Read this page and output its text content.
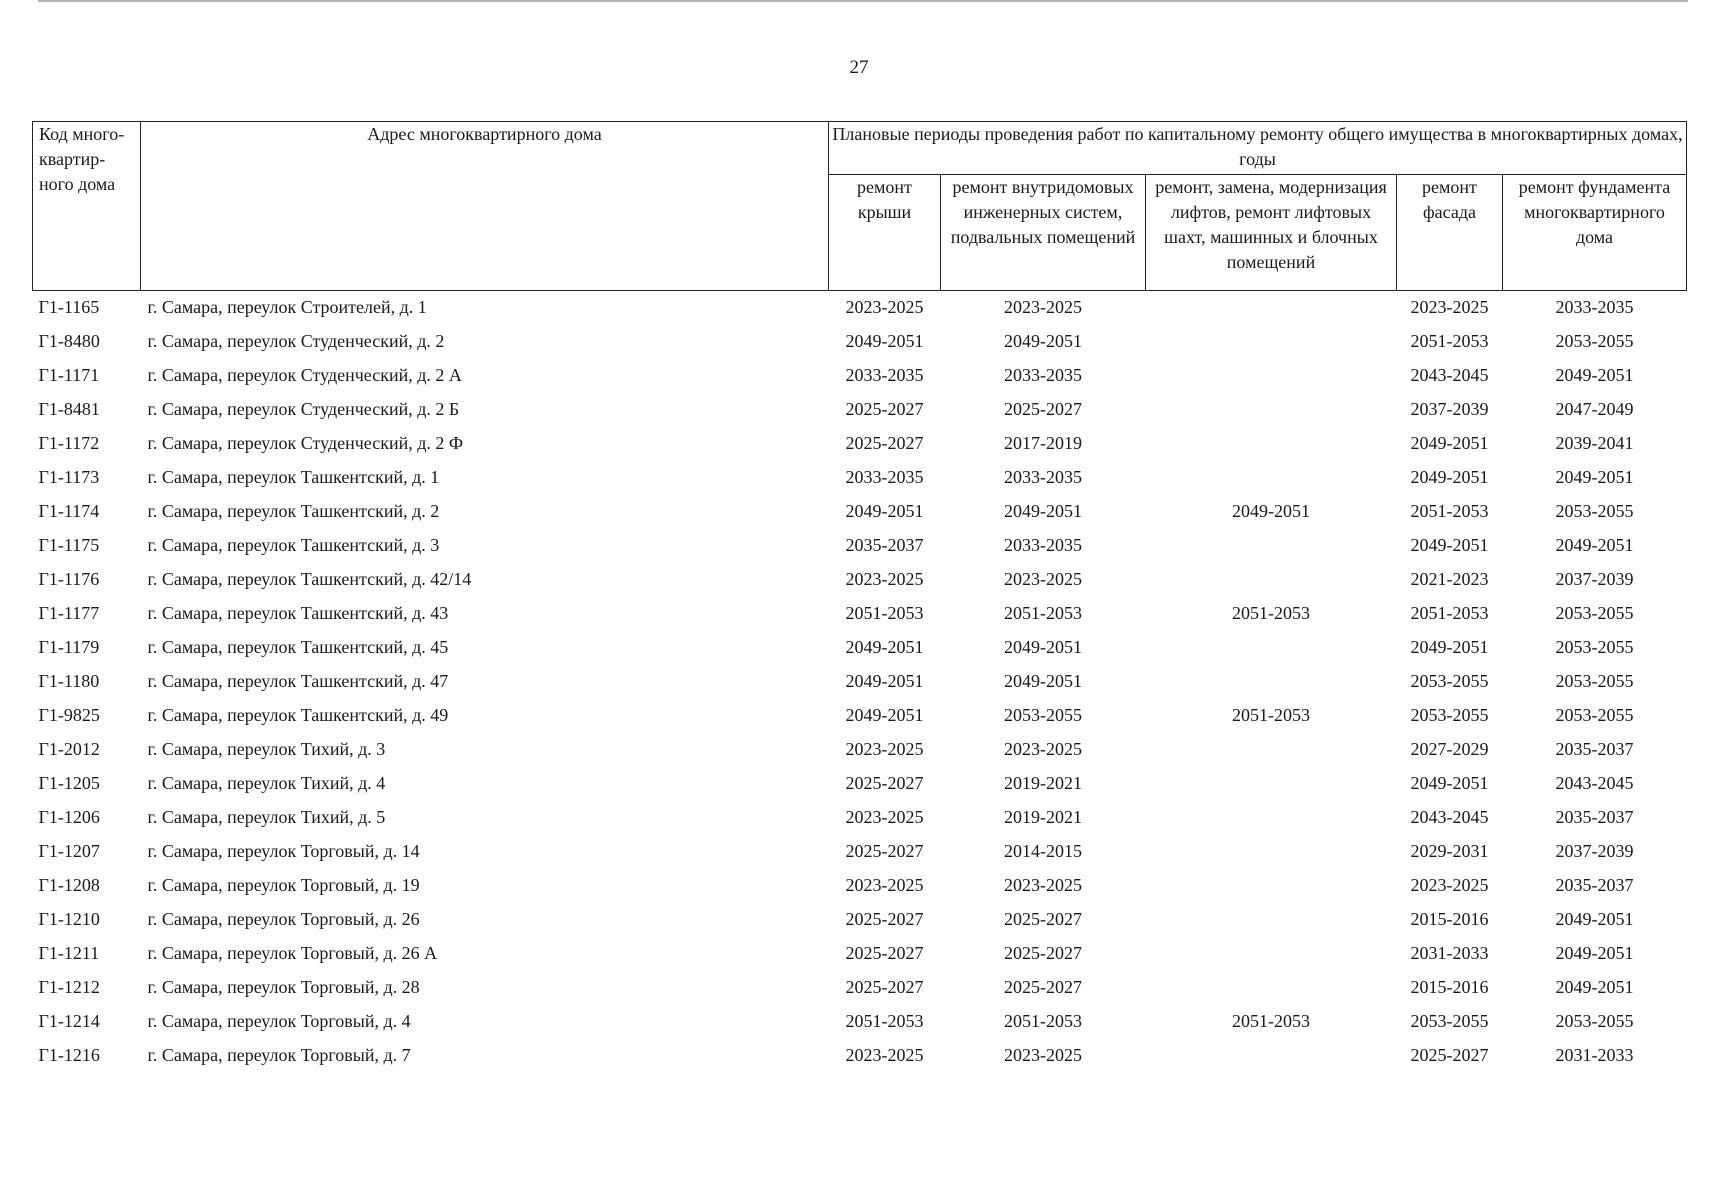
27
Код много-квартир-ного дома	Адрес многоквартирного дома	Плановые периоды проведения работ по капитальному ремонту общего имущества в многоквартирных домах, годы				
		ремонт крыши	ремонт внутридомовых инженерных систем, подвальных помещений	ремонт, замена, модернизация лифтов, ремонт лифтовых шахт, машинных и блочных помещений	ремонт фасада	ремонт фундамента многоквартирного дома
Г1-1165	г. Самара, переулок Строителей, д. 1	2023-2025	2023-2025		2023-2025	2033-2035
Г1-8480	г. Самара, переулок Студенческий, д. 2	2049-2051	2049-2051		2051-2053	2053-2055
Г1-1171	г. Самара, переулок Студенческий, д. 2 А	2033-2035	2033-2035		2043-2045	2049-2051
Г1-8481	г. Самара, переулок Студенческий, д. 2 Б	2025-2027	2025-2027		2037-2039	2047-2049
Г1-1172	г. Самара, переулок Студенческий, д. 2 Ф	2025-2027	2017-2019		2049-2051	2039-2041
Г1-1173	г. Самара, переулок Ташкентский, д. 1	2033-2035	2033-2035		2049-2051	2049-2051
Г1-1174	г. Самара, переулок Ташкентский, д. 2	2049-2051	2049-2051	2049-2051	2051-2053	2053-2055
Г1-1175	г. Самара, переулок Ташкентский, д. 3	2035-2037	2033-2035		2049-2051	2049-2051
Г1-1176	г. Самара, переулок Ташкентский, д. 42/14	2023-2025	2023-2025		2021-2023	2037-2039
Г1-1177	г. Самара, переулок Ташкентский, д. 43	2051-2053	2051-2053	2051-2053	2051-2053	2053-2055
Г1-1179	г. Самара, переулок Ташкентский, д. 45	2049-2051	2049-2051		2049-2051	2053-2055
Г1-1180	г. Самара, переулок Ташкентский, д. 47	2049-2051	2049-2051		2053-2055	2053-2055
Г1-9825	г. Самара, переулок Ташкентский, д. 49	2049-2051	2053-2055	2051-2053	2053-2055	2053-2055
Г1-2012	г. Самара, переулок Тихий, д. 3	2023-2025	2023-2025		2027-2029	2035-2037
Г1-1205	г. Самара, переулок Тихий, д. 4	2025-2027	2019-2021		2049-2051	2043-2045
Г1-1206	г. Самара, переулок Тихий, д. 5	2023-2025	2019-2021		2043-2045	2035-2037
Г1-1207	г. Самара, переулок Торговый, д. 14	2025-2027	2014-2015		2029-2031	2037-2039
Г1-1208	г. Самара, переулок Торговый, д. 19	2023-2025	2023-2025		2023-2025	2035-2037
Г1-1210	г. Самара, переулок Торговый, д. 26	2025-2027	2025-2027		2015-2016	2049-2051
Г1-1211	г. Самара, переулок Торговый, д. 26 А	2025-2027	2025-2027		2031-2033	2049-2051
Г1-1212	г. Самара, переулок Торговый, д. 28	2025-2027	2025-2027		2015-2016	2049-2051
Г1-1214	г. Самара, переулок Торговый, д. 4	2051-2053	2051-2053	2051-2053	2053-2055	2053-2055
Г1-1216	г. Самара, переулок Торговый, д. 7	2023-2025	2023-2025		2025-2027	2031-2033
